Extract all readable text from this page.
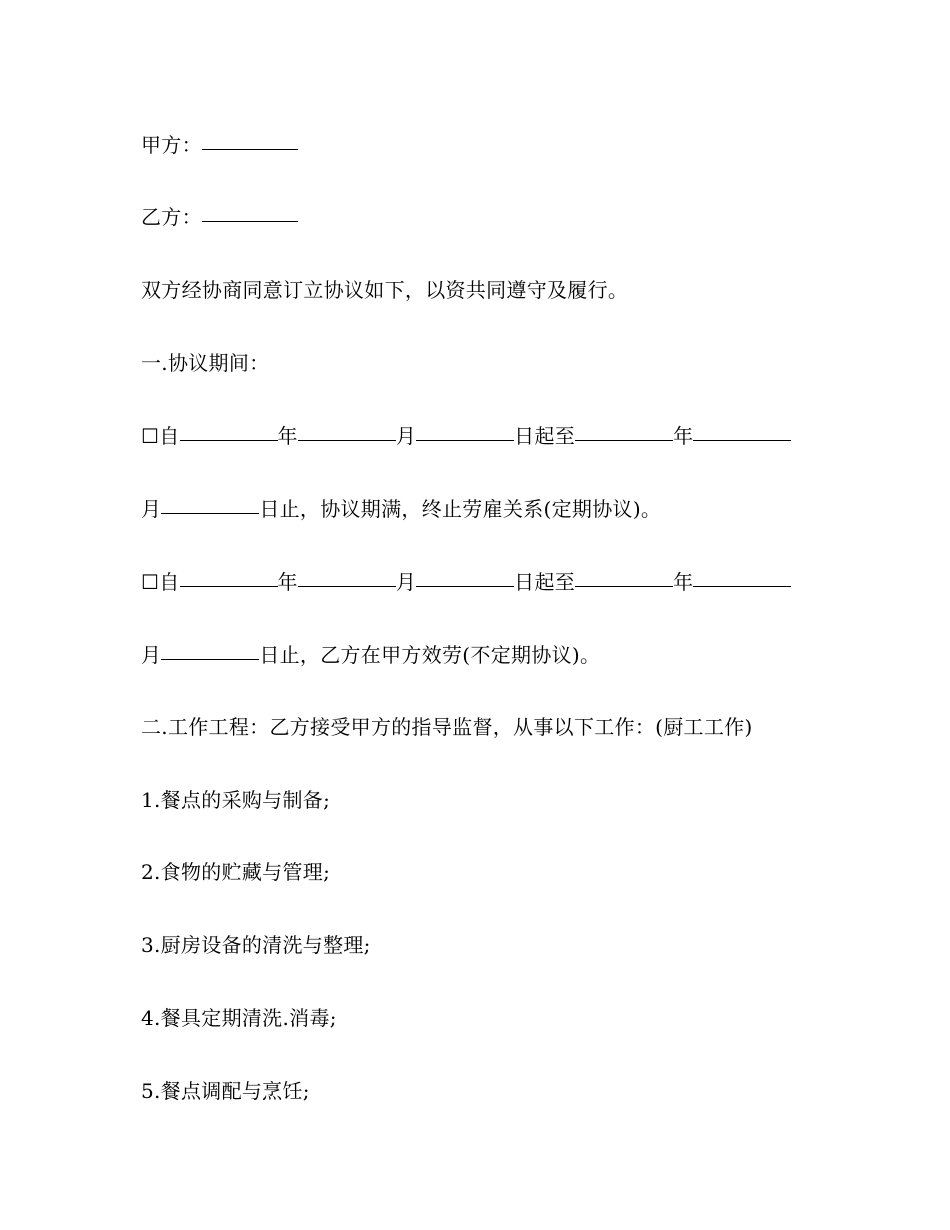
甲方：
乙方：
双方经协商同意订立协议如下，以资共同遵守及履行。
一.协议期间：
☐自	年	月	日起至	年
月	日止，协议期满，终止劳雇关系(定期协议)。
☐自	年	月	日起至	年
月	日止，乙方在甲方效劳(不定期协议)。
二.工作工程：乙方接受甲方的指导监督，从事以下工作：(厨工工作)
1.餐点的采购与制备;
2.食物的贮藏与管理;
3.厨房设备的清洗与整理;
4.餐具定期清洗.消毒;
5.餐点调配与烹饪;
